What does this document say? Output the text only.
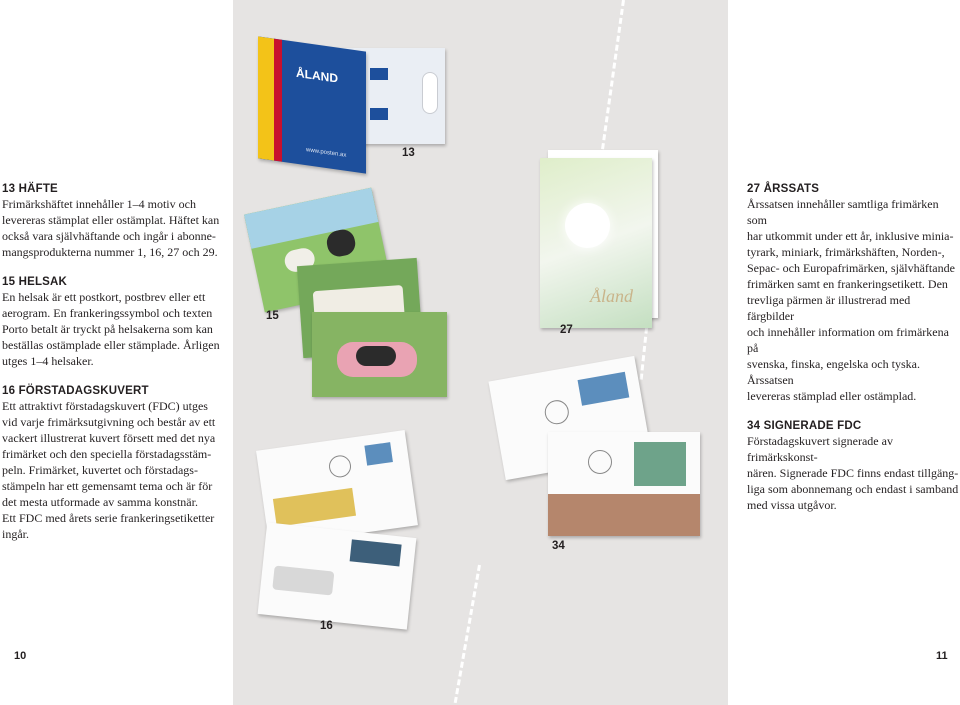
13 HÄFTE

Frimärkshäftet innehåller 1–4 motiv och
levereras stämplat eller ostämplat. Häftet kan
också vara självhäftande och ingår i abonne-
mangsprodukterna nummer 1, 16, 27 och 29.

15 HELSAK

En helsak är ett postkort, postbrev eller ett
aerogram. En frankeringssymbol och texten
Porto betalt är tryckt på helsakerna som kan
beställas ostämplade eller stämplade. Årligen
utges 1–4 helsaker.

16 FÖRSTADAGSKUVERT

Ett attraktivt förstadagskuvert (FDC) utges
vid varje frimärksutgivning och består av ett
vackert illustrerat kuvert försett med det nya
frimärket och den speciella förstadagsstäm-
peln. Frimärket, kuvertet och förstadags-
stämpeln har ett gemensamt tema och är för
det mesta utformade av samma konstnär.
Ett FDC med årets serie frankeringsetiketter
ingår.

27 ÅRSSATS

Årssatsen innehåller samtliga frimärken som
har utkommit under ett år, inklusive minia-
tyrark, miniark, frimärkshäften, Norden-,
Sepac- och Europafrimärken, självhäftande
frimärken samt en frankeringsetikett. Den
trevliga pärmen är illustrerad med färgbilder
och innehåller information om frimärkena på
svenska, finska, engelska och tyska. Årssatsen
levereras stämplad eller ostämplad.

34 SIGNERADE FDC

Förstadagskuvert signerade av frimärkskonst-
nären. Signerade FDC finns endast tillgäng-
liga som abonnemang och endast i samband
med vissa utgåvor.

ÅLAND
www.posten.ax	13
15
Åland
27
34
16
10	11
